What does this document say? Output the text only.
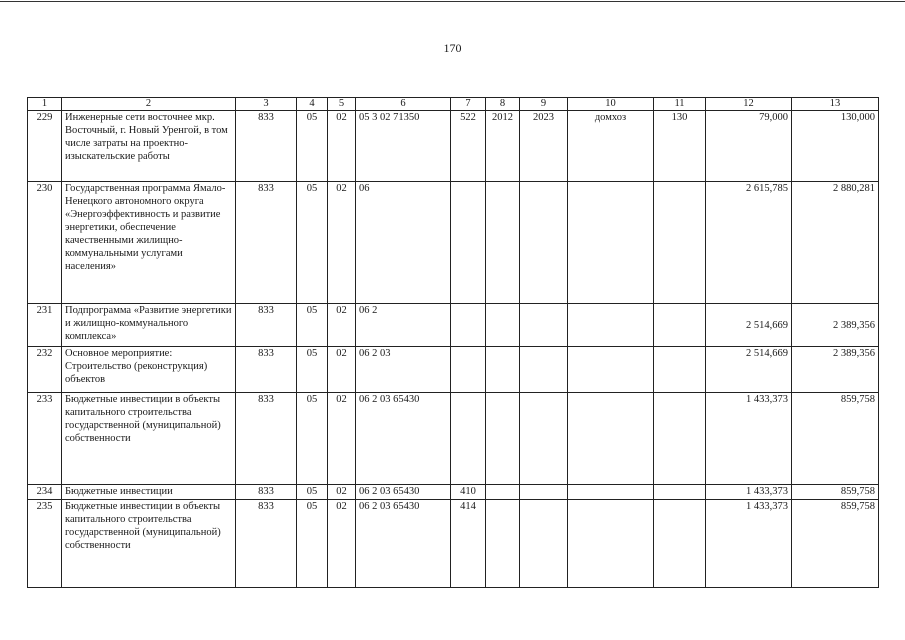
170
1	2	3	4	5	6	7	8	9	10	11	12	13
229	Инженерные сети восточнее мкр. Восточный, г. Новый Уренгой, в том числе затраты на проектно-изыскательские работы	833	05	02	05 3 02 71350	522	2012	2023	домхоз	130	79,000	130,000
230	Государственная программа Ямало-Ненецкого автономного округа «Энергоэффективность и развитие энергетики, обеспечение качественными жилищно-коммунальными услугами населения»	833	05	02	06						2 615,785	2 880,281
231	Подпрограмма «Развитие энергетики и жилищно-коммунального комплекса»	833	05	02	06 2						2 514,669	2 389,356
232	Основное мероприятие: Строительство (реконструкция) объектов	833	05	02	06 2 03						2 514,669	2 389,356
233	Бюджетные инвестиции в объекты капитального строительства государственной (муниципальной) собственности	833	05	02	06 2 03 65430						1 433,373	859,758
234	Бюджетные инвестиции	833	05	02	06 2 03 65430	410					1 433,373	859,758
235	Бюджетные инвестиции в объекты капитального строительства государственной (муниципальной) собственности	833	05	02	06 2 03 65430	414					1 433,373	859,758
